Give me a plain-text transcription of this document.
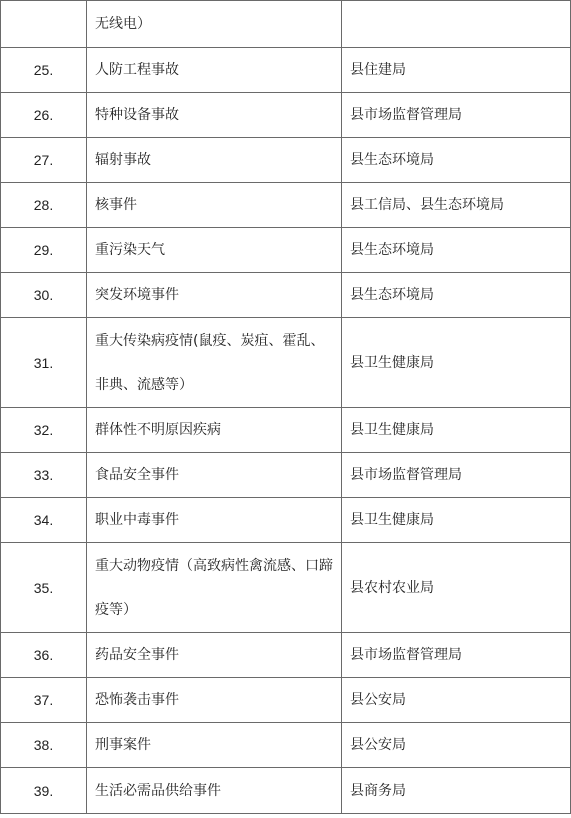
	无线电）	
25.	人防工程事故	县住建局
26.	特种设备事故	县市场监督管理局
27.	辐射事故	县生态环境局
28.	核事件	县工信局、县生态环境局
29.	重污染天气	县生态环境局
30.	突发环境事件	县生态环境局
31.	重大传染病疫情(鼠疫、炭疽、霍乱、非典、流感等）	县卫生健康局
32.	群体性不明原因疾病	县卫生健康局
33.	食品安全事件	县市场监督管理局
34.	职业中毒事件	县卫生健康局
35.	重大动物疫情（高致病性禽流感、口蹄疫等）	县农村农业局
36.	药品安全事件	县市场监督管理局
37.	恐怖袭击事件	县公安局
38.	刑事案件	县公安局
39.	生活必需品供给事件	县商务局
